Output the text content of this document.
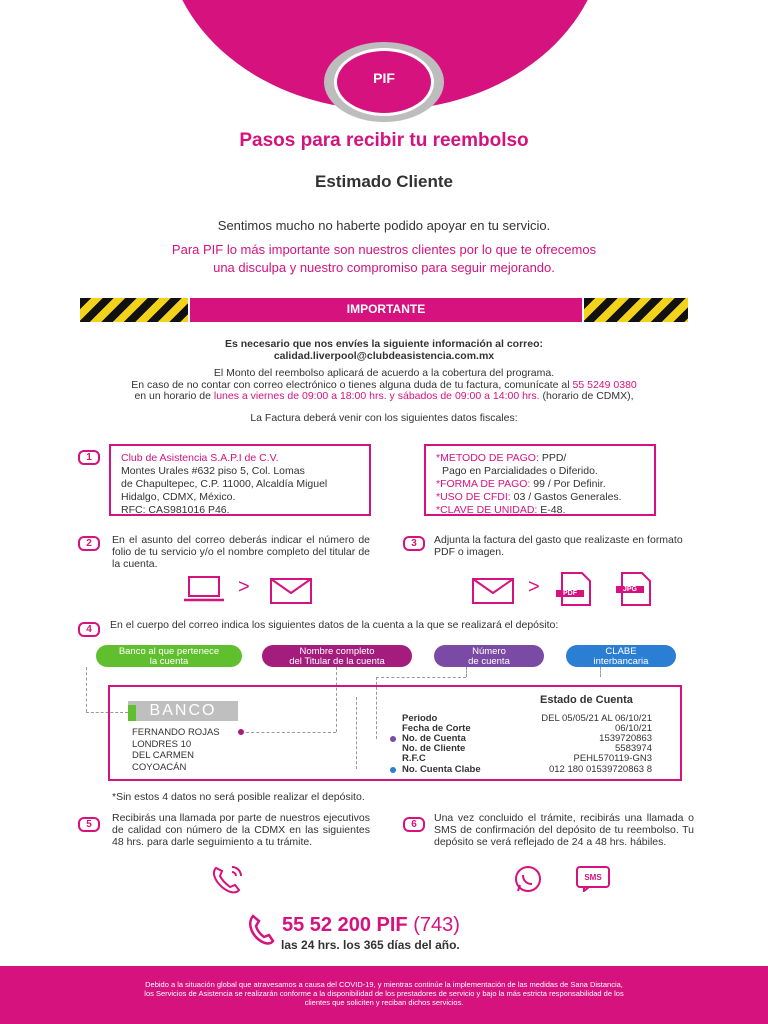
PIF
Pasos para recibir tu reembolso
Estimado Cliente
Sentimos mucho no haberte podido apoyar en tu servicio.
Para PIF lo más importante son nuestros clientes por lo que te ofrecemos
una disculpa y nuestro compromiso para seguir mejorando.
IMPORTANTE
Es necesario que nos envíes la siguiente información al correo:
calidad.liverpool@clubdeasistencia.com.mx
El Monto del reembolso aplicará de acuerdo a la cobertura del programa.
En caso de no contar con correo electrónico o tienes alguna duda de tu factura, comunícate al 55 5249 0380
en un horario de lunes a viernes de 09:00 a 18:00 hrs. y sábados de 09:00 a 14:00 hrs. (horario de CDMX),
La Factura deberá venir con los siguientes datos fiscales:
1	Club de Asistencia S.A.P.I de C.V.
Montes Urales #632 piso 5, Col. Lomas
de Chapultepec, C.P. 11000, Alcaldía Miguel
Hidalgo, CDMX, México.
RFC: CAS981016 P46.
*METODO DE PAGO: PPD/
Pago en Parcialidades o Diferido.
*FORMA DE PAGO: 99 / Por Definir.
*USO DE CFDI: 03 / Gastos Generales.
*CLAVE DE UNIDAD: E-48.
2	En el asunto del correo deberás indicar el número de folio de tu servicio y/o el nombre completo del titular de la cuenta.
3	Adjunta la factura del gasto que realizaste en formato PDF o imagen.
>	>	PDF
JPG
4	En el cuerpo del correo indica los siguientes datos de la cuenta a la que se realizará el depósito:
Banco al que pertenece
la cuenta
Nombre completo
del Titular de la cuenta
Número
de cuenta
CLABE
interbancaria
BANCO
FERNANDO ROJAS
LONDRES 10
DEL CARMEN
COYOACÁN
Estado de Cuenta
Periodo	DEL 05/05/21 AL 06/10/21
Fecha de Corte	06/10/21
No. de Cuenta	1539720863
No. de Cliente	5583974
R.F.C	PEHL570119-GN3
No. Cuenta Clabe	012 180 01539720863 8
*Sin estos 4 datos no será posible realizar el depósito.
5
Recibirás una llamada por parte de nuestros ejecutivos de calidad con número de la CDMX en las siguientes 48 hrs. para darle seguimiento a tu trámite.
6
Una vez concluido el trámite, recibirás una llamada o SMS de confirmación del depósito de tu reembolso. Tu depósito se verá reflejado de 24 a 48 hrs. hábiles.
SMS
55 52 200 PIF (743)
las 24 hrs. los 365 días del año.
Debido a la situación global que atravesamos a causa del COVID-19, y mientras continúe la implementación de las medidas de Sana Distancia,
los Servicios de Asistencia se realizarán conforme a la disponibilidad de los prestadores de servicio y bajo la más estricta responsabilidad de los
clientes que soliciten y reciban dichos servicios.
